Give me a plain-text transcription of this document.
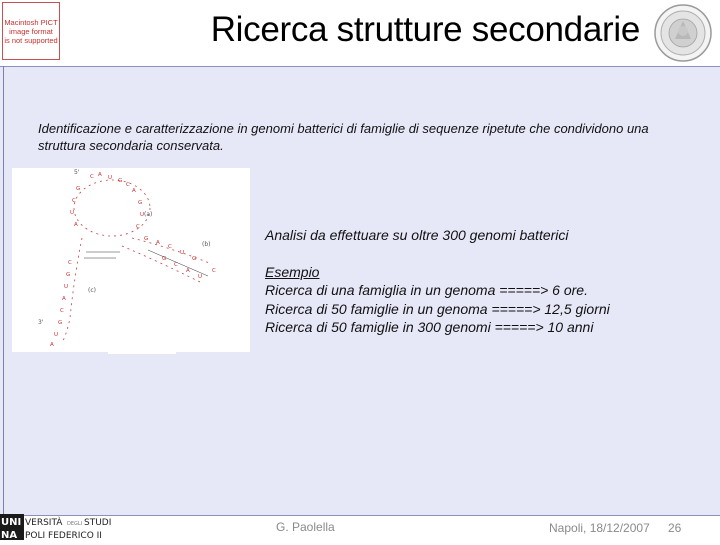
Macintosh PICT
image format
is not supported	Ricerca strutture secondarie
Identificazione e caratterizzazione in genomi batterici di famiglie di sequenze ripetute che condividono una struttura secondaria conservata.
C A U G
C
A
G
C
U
A
G
U
C
G
A
C
U
G
G
C
A
U
C
C
G
U
A
C
G
U
A
5'
3'
(a)
(b)
(c)
Analisi da effettuare su oltre 300 genomi batterici
Esempio
Ricerca di una famiglia in un genoma =====> 6 ore.
Ricerca di 50 famiglie in un genoma =====> 12,5 giorni
Ricerca di 50 famiglie in 300 genomi =====> 10 anni
UNI
NA
VERSITÀ DEGLI STUDI
POLI FEDERICO II
G. Paolella	Napoli, 18/12/2007 26
